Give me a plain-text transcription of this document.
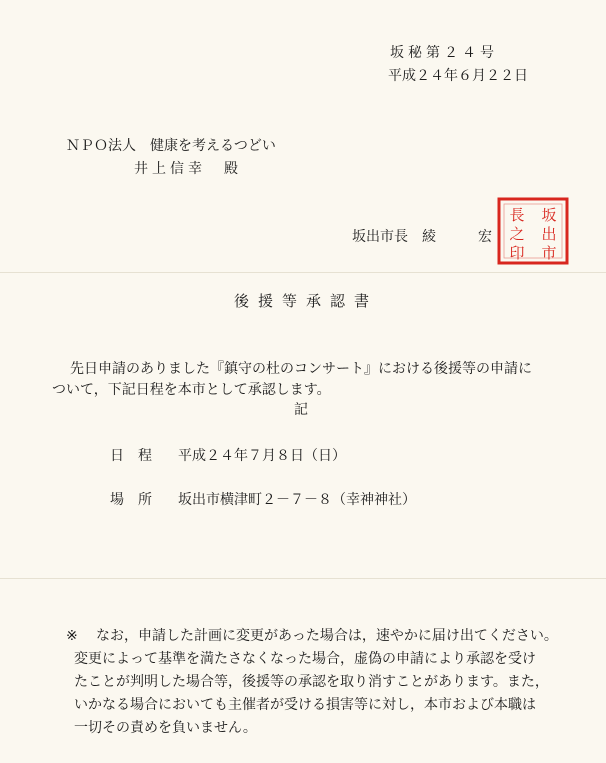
坂秘第２４号
平成２４年６月２２日
ＮＰＯ法人　健康を考えるつどい
井上信幸　殿
坂出市長　綾　　　宏
坂
出
市
長
之
印
後援等承認書
先日申請のありました『鎮守の杜のコンサート』における後援等の申請に
ついて，下記日程を本市として承認します。
記
日　程 平成２４年７月８日（日）
場　所 坂出市横津町２－７－８（幸神神社）
※ なお，申請した計画に変更があった場合は，速やかに届け出てください。
変更によって基準を満たさなくなった場合，虚偽の申請により承認を受け
たことが判明した場合等，後援等の承認を取り消すことがあります。また，
いかなる場合においても主催者が受ける損害等に対し，本市および本職は
一切その責めを負いません。
